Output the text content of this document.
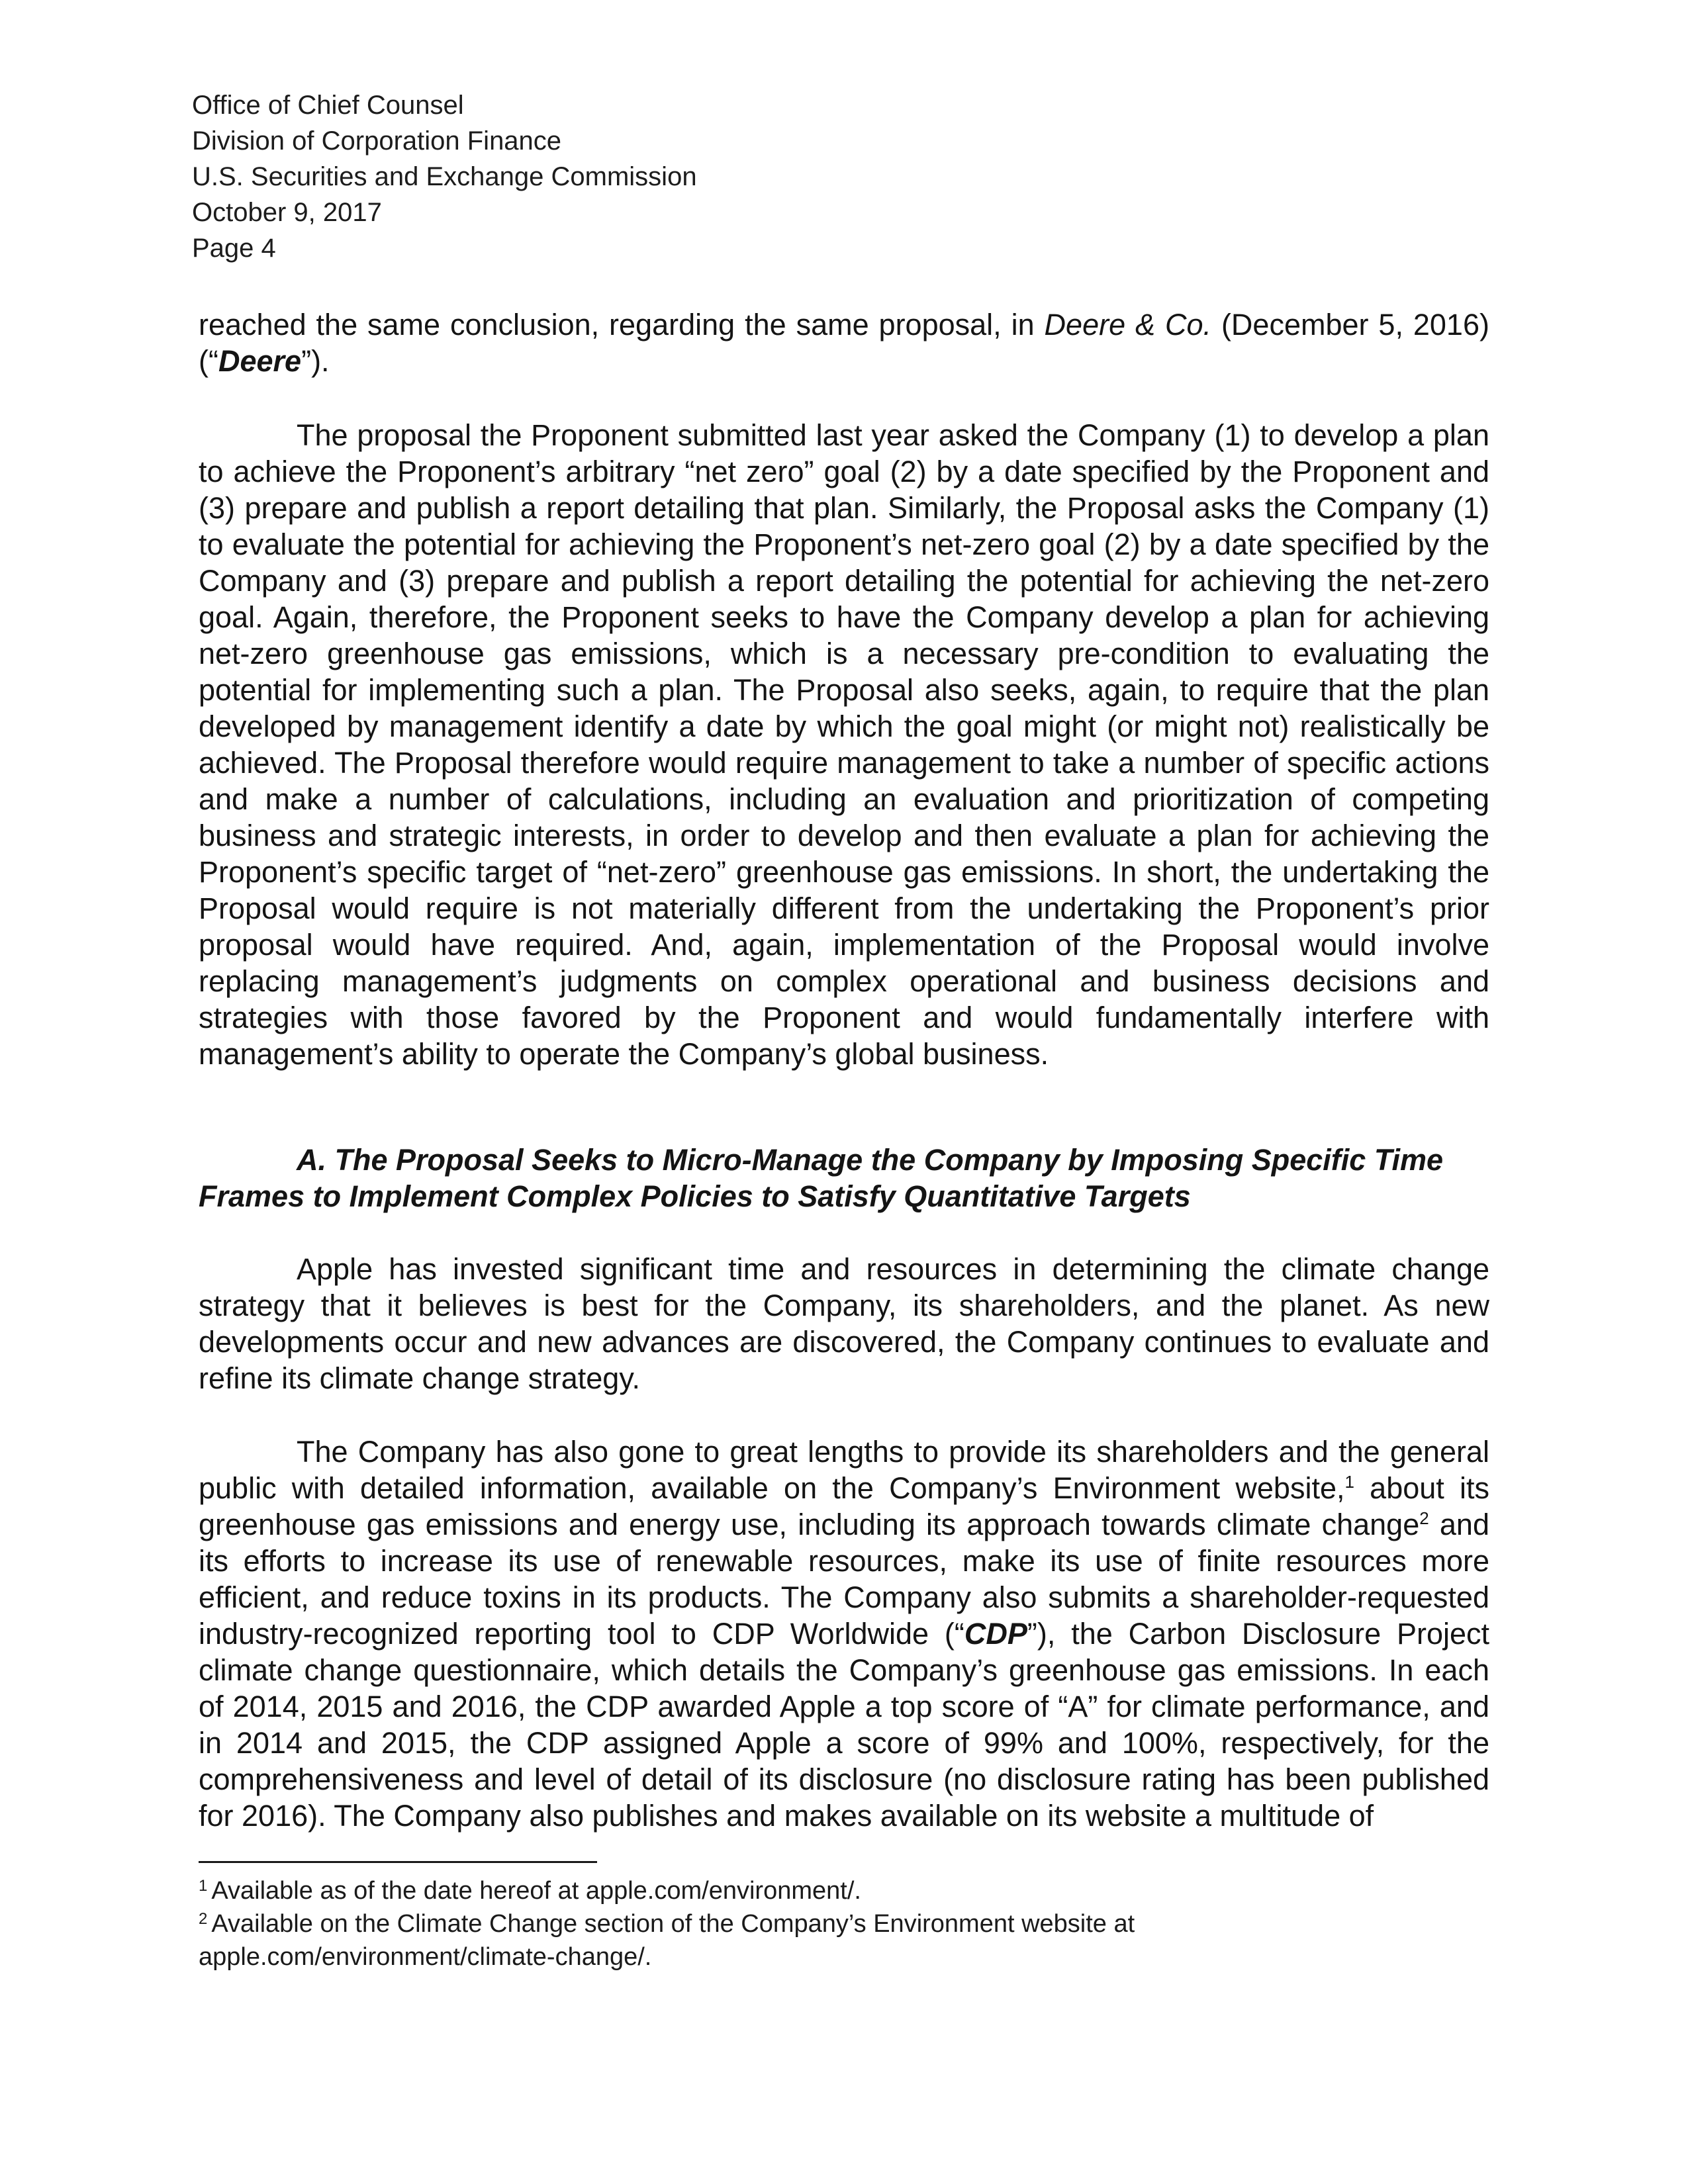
Office of Chief Counsel
Division of Corporation Finance
U.S. Securities and Exchange Commission
October 9, 2017
Page 4

reached the same conclusion, regarding the same proposal, in Deere & Co. (December 5, 2016) (“Deere”).

The proposal the Proponent submitted last year asked the Company (1) to develop a plan to achieve the Proponent’s arbitrary “net zero” goal (2) by a date specified by the Proponent and (3) prepare and publish a report detailing that plan. Similarly, the Proposal asks the Company (1) to evaluate the potential for achieving the Proponent’s net-zero goal (2) by a date specified by the Company and (3) prepare and publish a report detailing the potential for achieving the net-zero goal. Again, therefore, the Proponent seeks to have the Company develop a plan for achieving net-zero greenhouse gas emissions, which is a necessary pre-condition to evaluating the potential for implementing such a plan. The Proposal also seeks, again, to require that the plan developed by management identify a date by which the goal might (or might not) realistically be achieved. The Proposal therefore would require management to take a number of specific actions and make a number of calculations, including an evaluation and prioritization of competing business and strategic interests, in order to develop and then evaluate a plan for achieving the Proponent’s specific target of “net-zero” greenhouse gas emissions. In short, the undertaking the Proposal would require is not materially different from the undertaking the Proponent’s prior proposal would have required. And, again, implementation of the Proposal would involve replacing management’s judgments on complex operational and business decisions and strategies with those favored by the Proponent and would fundamentally interfere with management’s ability to operate the Company’s global business.

A. The Proposal Seeks to Micro-Manage the Company by Imposing Specific Time Frames to Implement Complex Policies to Satisfy Quantitative Targets

Apple has invested significant time and resources in determining the climate change strategy that it believes is best for the Company, its shareholders, and the planet. As new developments occur and new advances are discovered, the Company continues to evaluate and refine its climate change strategy.

The Company has also gone to great lengths to provide its shareholders and the general public with detailed information, available on the Company’s Environment website,$^1$ about its greenhouse gas emissions and energy use, including its approach towards climate change$^2$ and its efforts to increase its use of renewable resources, make its use of finite resources more efficient, and reduce toxins in its products. The Company also submits a shareholder-requested industry-recognized reporting tool to CDP Worldwide (“CDP”), the Carbon Disclosure Project climate change questionnaire, which details the Company’s greenhouse gas emissions. In each of 2014, 2015 and 2016, the CDP awarded Apple a top score of “A” for climate performance, and in 2014 and 2015, the CDP assigned Apple a score of 99% and 100%, respectively, for the comprehensiveness and level of detail of its disclosure (no disclosure rating has been published for 2016). The Company also publishes and makes available on its website a multitude of

$^1$ Available as of the date hereof at apple.com/environment/.
$^2$ Available on the Climate Change section of the Company’s Environment website at
apple.com/environment/climate-change/.
